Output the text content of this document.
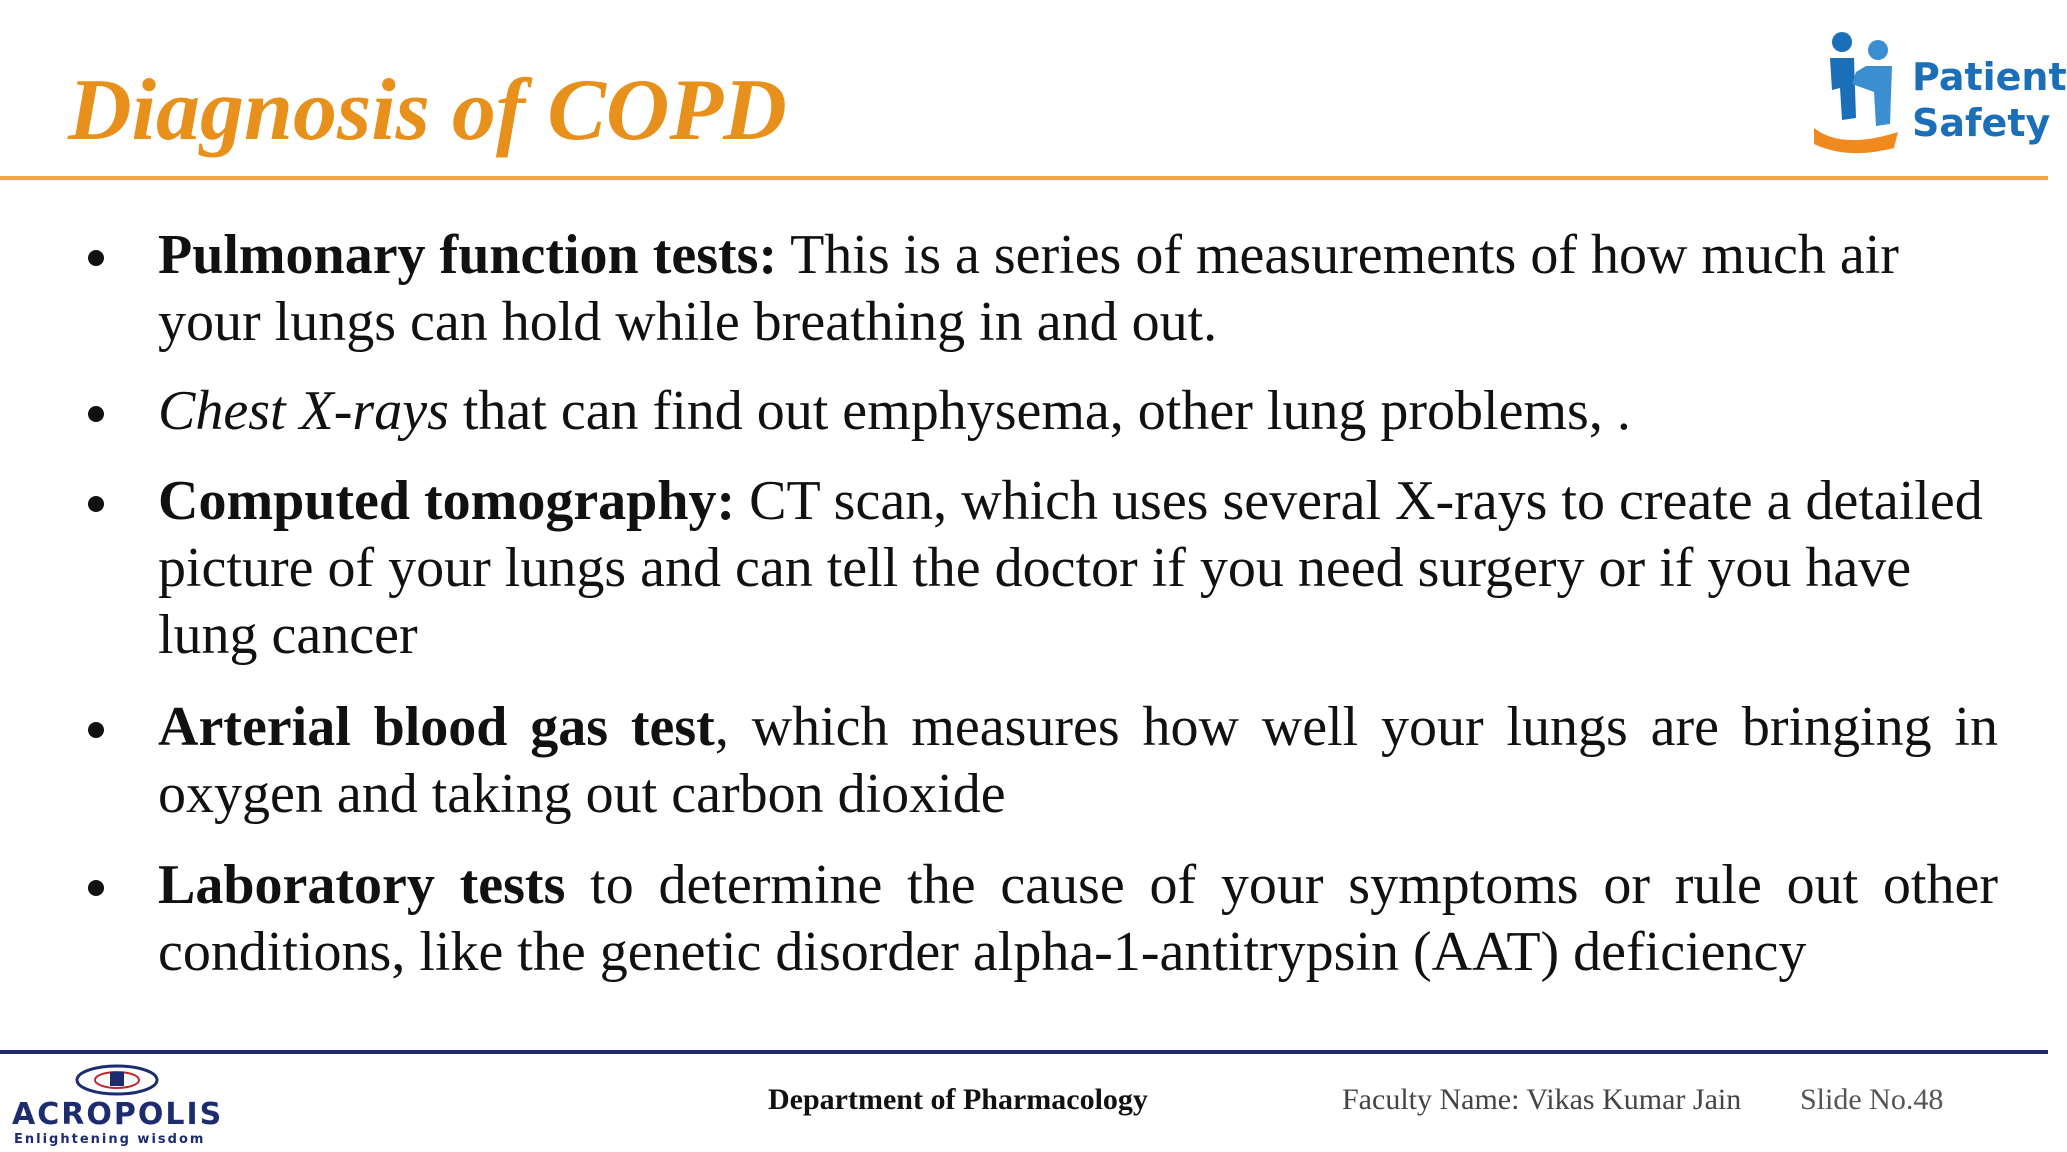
Diagnosis of COPD	Patient
Safety

Pulmonary function tests: This is a series of measurements of how much air your lungs can hold while breathing in and out.

Chest X-rays that can find out emphysema, other lung problems, .

Computed tomography: CT scan, which uses several X-rays to create a detailed picture of your lungs and can tell the doctor if you need surgery or if you have lung cancer

Arterial blood gas test, which measures how well your lungs are bringing in oxygen and taking out carbon dioxide

Laboratory tests to determine the cause of your symptoms or rule out other conditions, like the genetic disorder alpha-1-antitrypsin (AAT) deficiency

ACROPOLIS
Enlightening wisdom

Department of Pharmacology	Faculty Name: Vikas Kumar Jain Slide No.48
